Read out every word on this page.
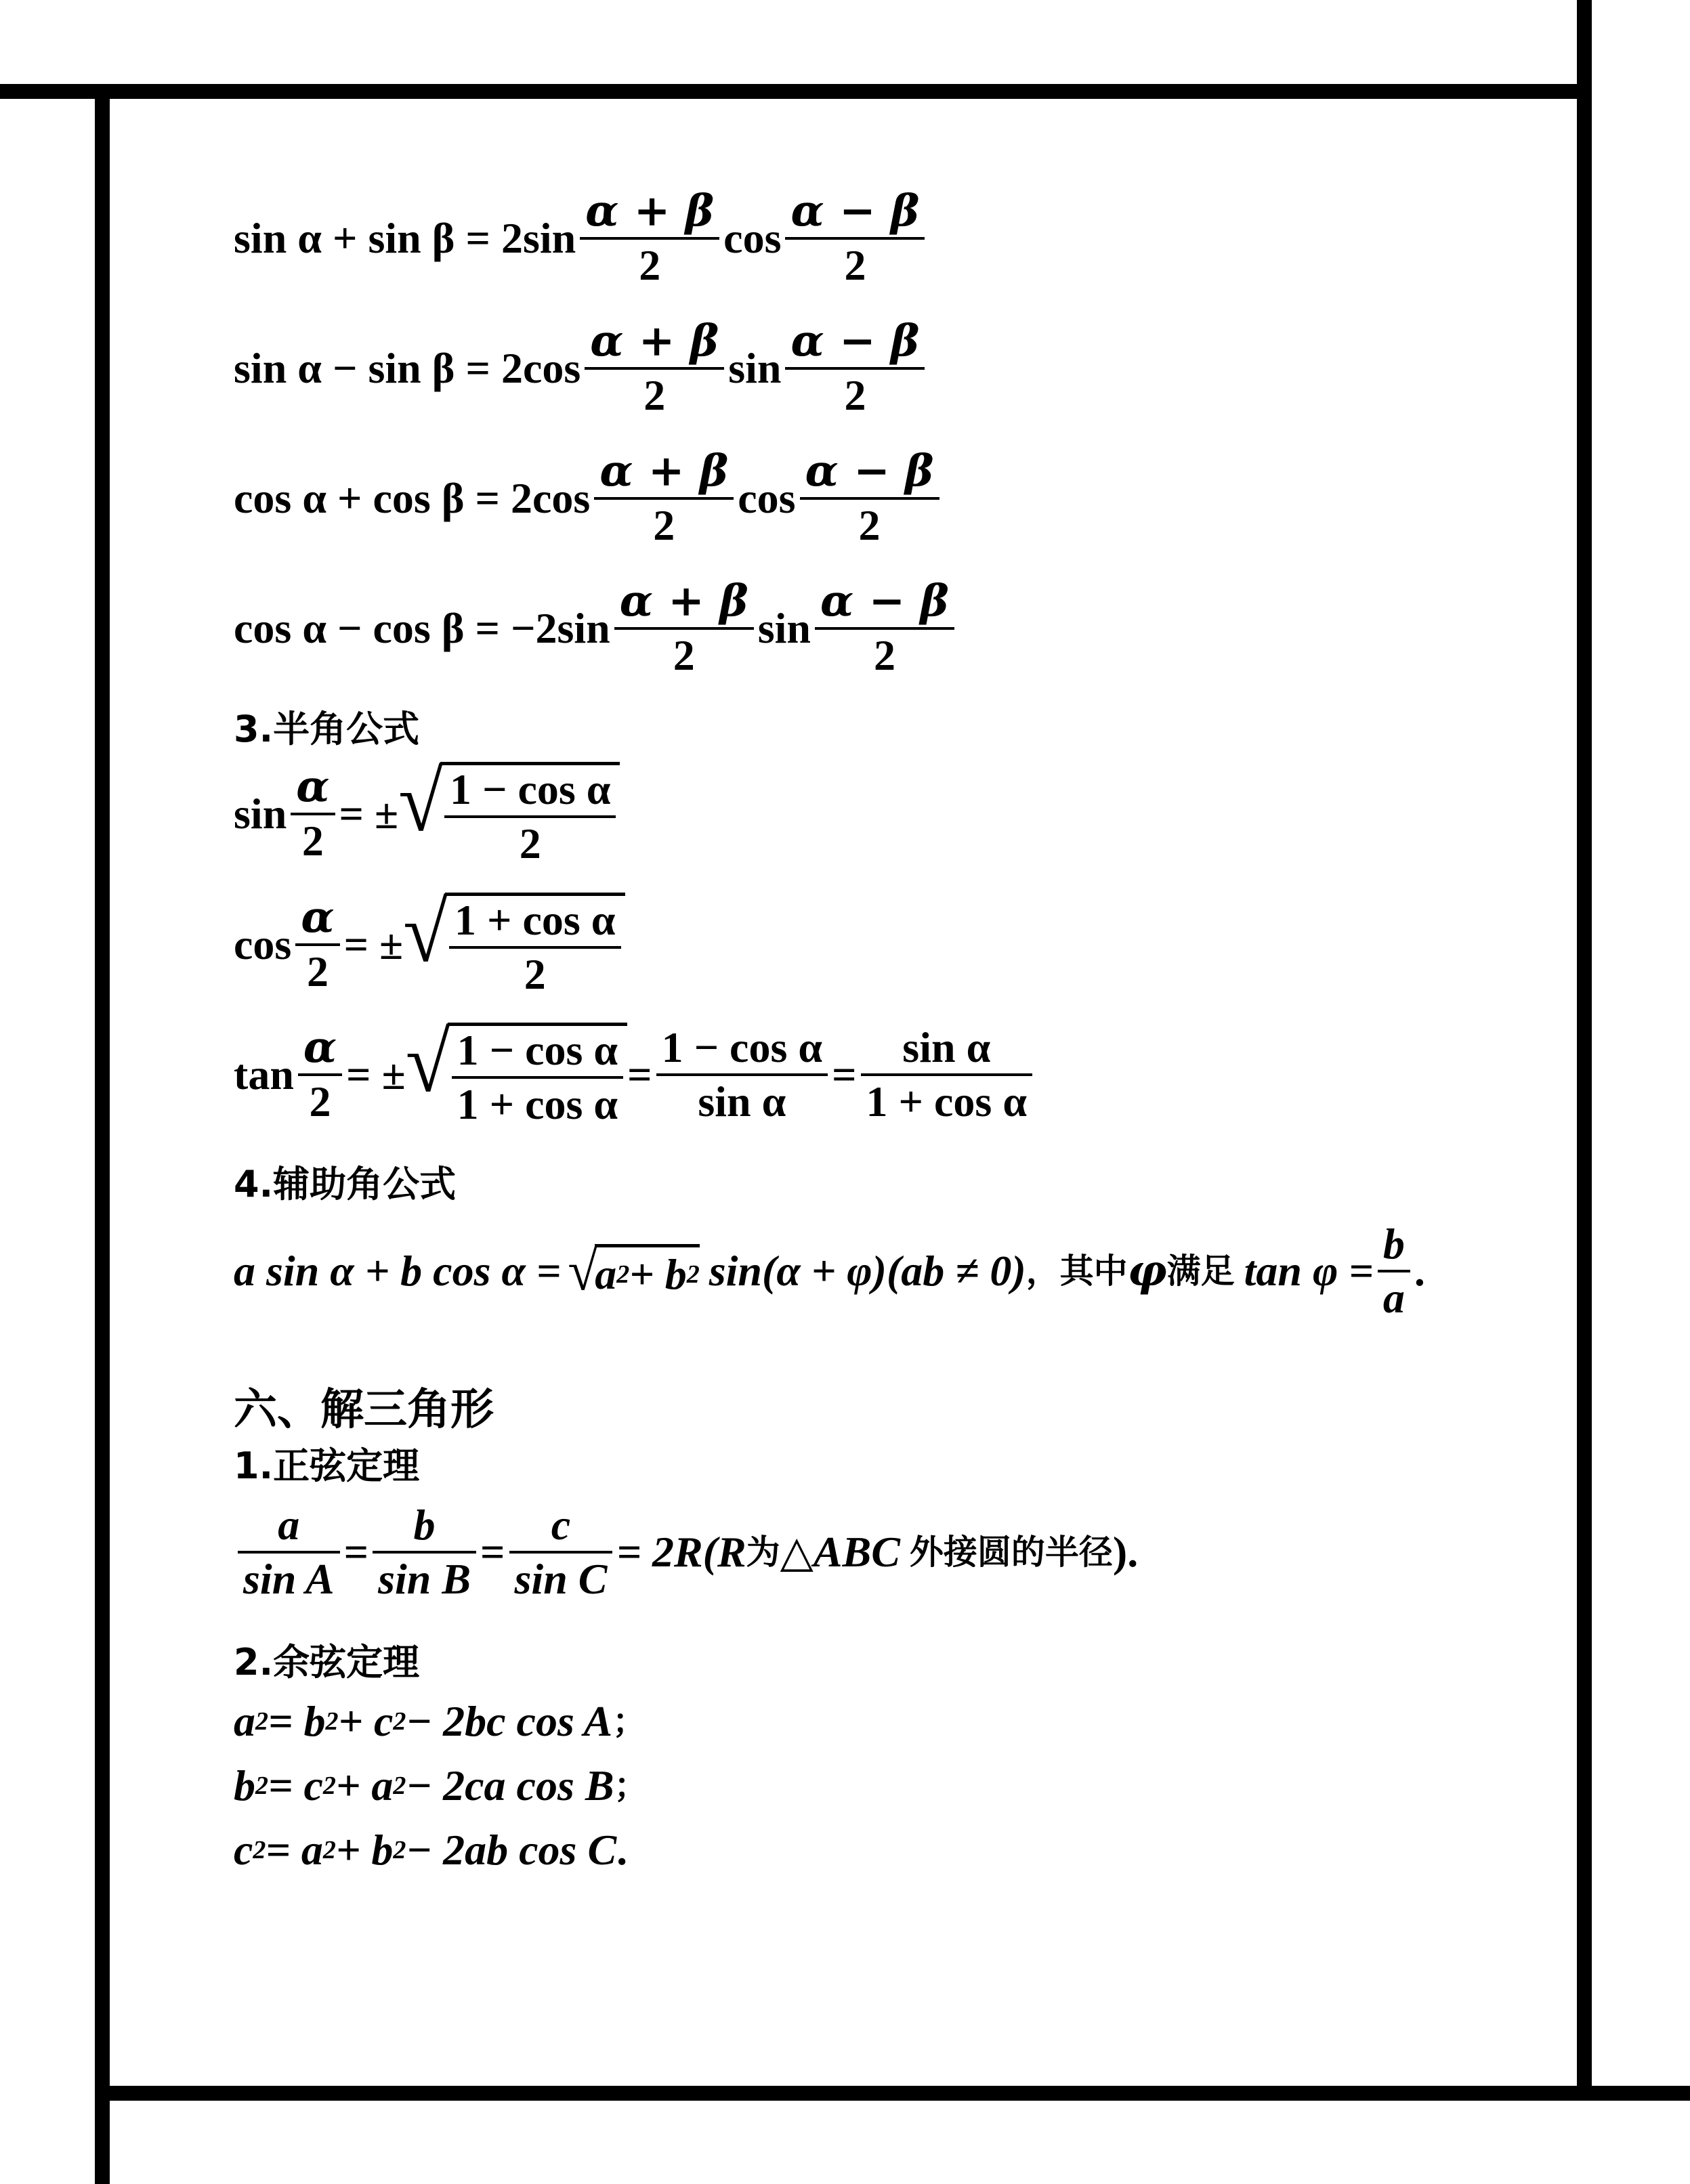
sin α + sin β = 2sin
α + β
2
cos
α − β
2
sin α − sin β = 2cos
α + β
2
sin
α − β
2
cos α + cos β = 2cos
α + β
2
cos
α − β
2
cos α − cos β = −2sin
α + β
2
sin
α − β
2
3.半角公式
$\sin \frac{\alpha}{2}$ = ± √ 1 − cos α
2
$\cos \frac{\alpha}{2}$ = ± √ 1 + cos α
2
$\tan \frac{\alpha}{2}$ = ± √ 1 − cos α
1 + cos α
= $\frac{\text{1 − cos α}}{\text{sin α}} = \frac{\text{sin α}}{\text{1 + cos α}}$
4.辅助角公式
a sin α + b cos α = √
a 2 + b 2 sin(α + φ)(ab ≠ 0) ，其中 φ 满足 $\tan \varphi = \frac{b}{a}$ .
六、解三角形
1.正弦定理
$\frac{a}{\text{sin A}} = \frac{b}{\text{sin B}} = \frac{c}{\text{sin C}} = 2R(R$ 为 △ABC 外接圆的半径 ).
2.余弦定理
a 2 = b 2 + c 2 − 2bc cos A ；
b 2 = c 2 + a 2 − 2ca cos B ；
c 2 = a 2 + b 2 − 2ab cos C .
